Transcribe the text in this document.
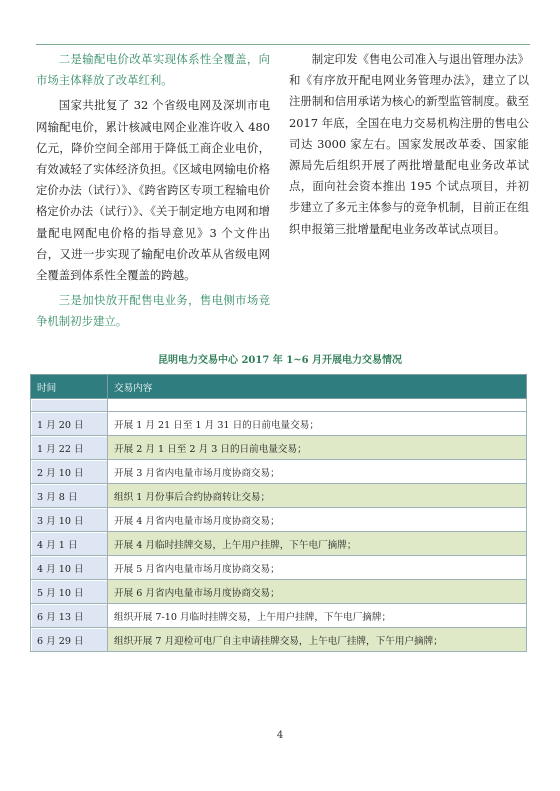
二是输配电价改革实现体系性全覆盖，向市场主体释放了改革红利。

国家共批复了 32 个省级电网及深圳市电网输配电价，累计核减电网企业准许收入 480 亿元，降价空间全部用于降低工商企业电价，有效减轻了实体经济负担。《区域电网输电价格定价办法（试行）》、《跨省跨区专项工程输电价格定价办法（试行）》、《关于制定地方电网和增量配电网配电价格的指导意见》3 个文件出台，又进一步实现了输配电价改革从省级电网全覆盖到体系性全覆盖的跨越。

三是加快放开配售电业务，售电侧市场竞争机制初步建立。

制定印发《售电公司准入与退出管理办法》和《有序放开配电网业务管理办法》，建立了以注册制和信用承诺为核心的新型监管制度。截至 2017 年底，全国在电力交易机构注册的售电公司达 3000 家左右。国家发展改革委、国家能源局先后组织开展了两批增量配电业务改革试点，面向社会资本推出 195 个试点项目，并初步建立了多元主体参与的竞争机制，目前正在组织申报第三批增量配电业务改革试点项目。

昆明电力交易中心 2017 年 1~6 月开展电力交易情况
时间	交易内容

1 月 20 日	开展 1 月 21 日至 1 月 31 日的日前电量交易；
1 月 22 日	开展 2 月 1 日至 2 月 3 日的日前电量交易；
2 月 10 日	开展 3 月省内电量市场月度协商交易；
3 月 8 日	组织 1 月份事后合约协商转让交易；
3 月 10 日	开展 4 月省内电量市场月度协商交易；
4 月 1 日	开展 4 月临时挂牌交易，上午用户挂牌，下午电厂摘牌；
4 月 10 日	开展 5 月省内电量市场月度协商交易；
5 月 10 日	开展 6 月省内电量市场月度协商交易；
6 月 13 日	组织开展 7-10 月临时挂牌交易，上午用户挂牌，下午电厂摘牌；
6 月 29 日	组织开展 7 月迎检可电厂自主申请挂牌交易，上午电厂挂牌，下午用户摘牌；
4
